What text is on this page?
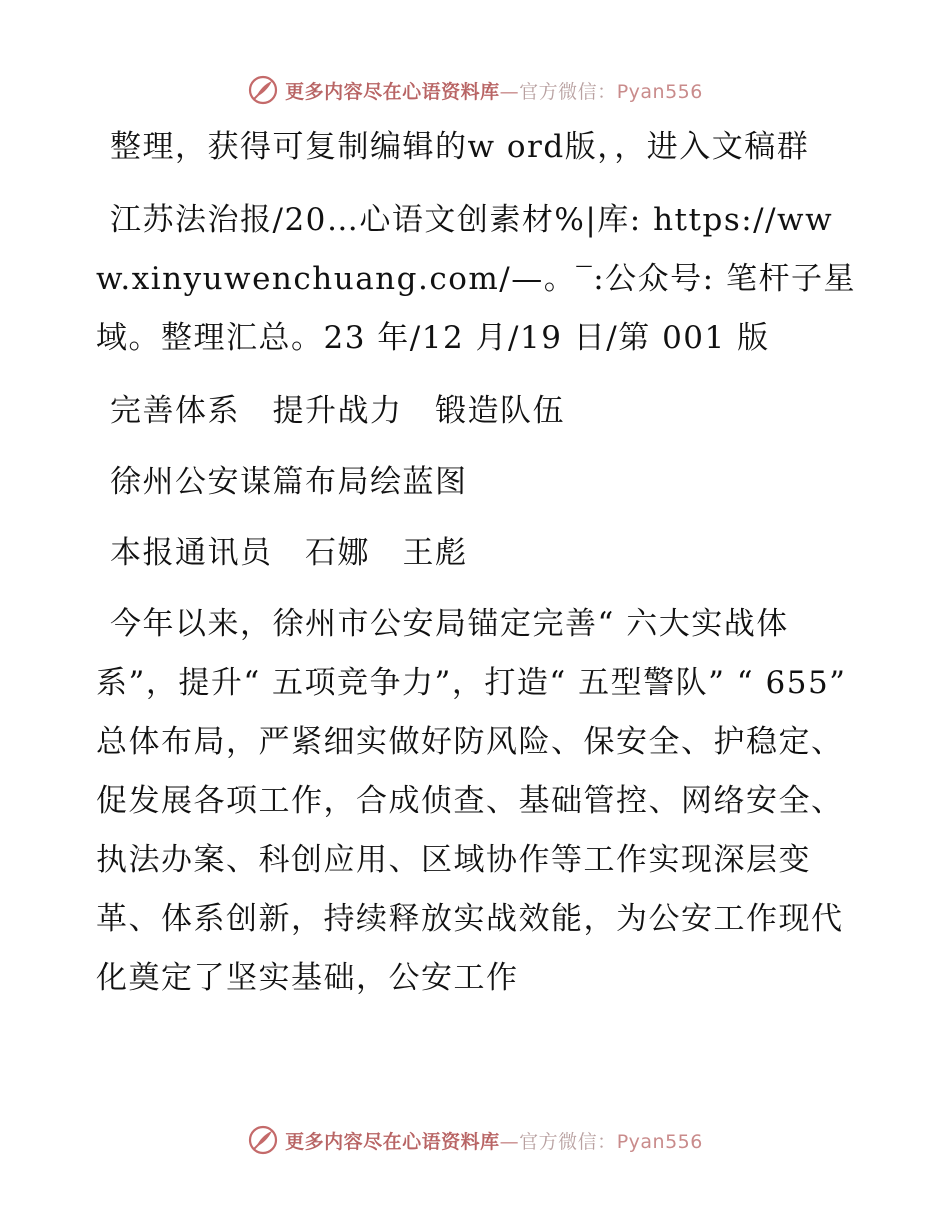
更多内容尽在心语资料库—官方微信：Pyan556

整理，获得可复制编辑的w ord版，，进入文稿群

江苏法治报/20…心语文创素材%|库: https://www.xinyuwenchuang.com/—。‾:公众号: 笔杆子星域。整理汇总。23 年/12 月/19 日/第 001 版

完善体系　提升战力　锻造队伍

徐州公安谋篇布局绘蓝图

本报通讯员　石娜　王彪

今年以来，徐州市公安局锚定完善“ 六大实战体系”，提升“ 五项竞争力”，打造“ 五型警队” “ 655” 总体布局，严紧细实做好防风险、保安全、护稳定、促发展各项工作，合成侦查、基础管控、网络安全、执法办案、科创应用、区域协作等工作实现深层变革、体系创新，持续释放实战效能，为公安工作现代化奠定了坚实基础，公安工作

更多内容尽在心语资料库—官方微信：Pyan556
